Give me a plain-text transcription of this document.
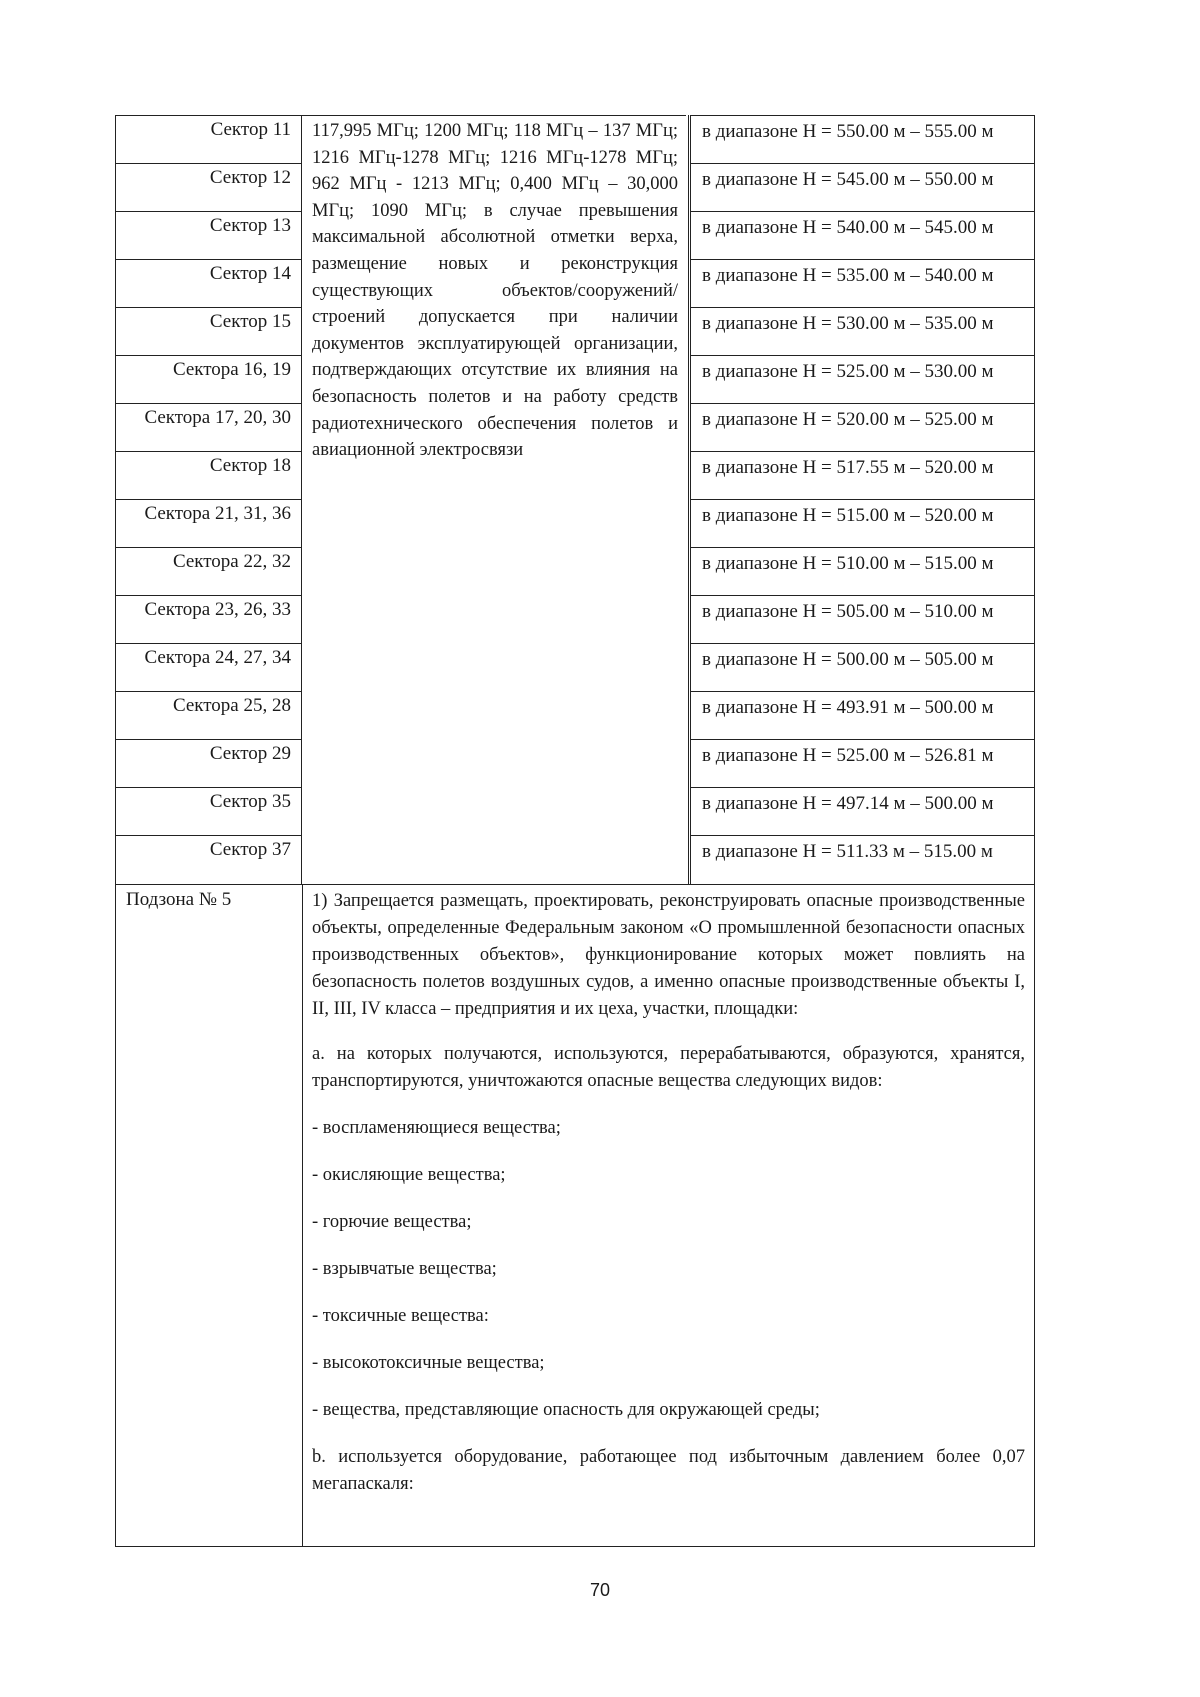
Сектор 11
Сектор 12
Сектор 13
Сектор 14
Сектор 15
Сектора 16, 19
Сектора 17, 20, 30
Сектор 18
Сектора 21, 31, 36
Сектора 22, 32
Сектора 23, 26, 33
Сектора 24, 27, 34
Сектора 25, 28
Сектор 29
Сектор 35
Сектор 37
117,995 МГц; 1200 МГц; 118 МГц – 137 МГц; 1216 МГц-1278 МГц; 1216 МГц-1278 МГц; 962 МГц - 1213 МГц; 0,400 МГц – 30,000 МГц; 1090 МГц; в случае превышения максимальной абсолютной отметки верха, размещение новых и реконструкция существующих объектов/сооружений/строений допускается при наличии документов эксплуатирующей организации, подтверждающих отсутствие их влияния на безопасность полетов и на работу средств радиотехнического обеспечения полетов и авиационной электросвязи
в диапазоне Н = 550.00 м – 555.00 м
в диапазоне Н = 545.00 м – 550.00 м
в диапазоне Н = 540.00 м – 545.00 м
в диапазоне Н = 535.00 м – 540.00 м
в диапазоне Н = 530.00 м – 535.00 м
в диапазоне Н = 525.00 м – 530.00 м
в диапазоне Н = 520.00 м – 525.00 м
в диапазоне Н = 517.55 м – 520.00 м
в диапазоне Н = 515.00 м – 520.00 м
в диапазоне Н = 510.00 м – 515.00 м
в диапазоне Н = 505.00 м – 510.00 м
в диапазоне Н = 500.00 м – 505.00 м
в диапазоне Н = 493.91 м – 500.00 м
в диапазоне Н = 525.00 м – 526.81 м
в диапазоне Н = 497.14 м – 500.00 м
в диапазоне Н = 511.33 м – 515.00 м
Подзона № 5	1) Запрещается размещать, проектировать, реконструировать опасные производственные объекты, определенные Федеральным законом «О промышленной безопасности опасных производственных объектов», функционирование которых может повлиять на безопасность полетов воздушных судов, а именно опасные производственные объекты I, II, III, IV класса – предприятия и их цеха, участки, площадки:

a. на которых получаются, используются, перерабатываются, образуются, хранятся, транспортируются, уничтожаются опасные вещества следующих видов:

- воспламеняющиеся вещества;

- окисляющие вещества;

- горючие вещества;

- взрывчатые вещества;

- токсичные вещества:

- высокотоксичные вещества;

- вещества, представляющие опасность для окружающей среды;

b. используется оборудование, работающее под избыточным давлением более 0,07 мегапаскаля:

70
